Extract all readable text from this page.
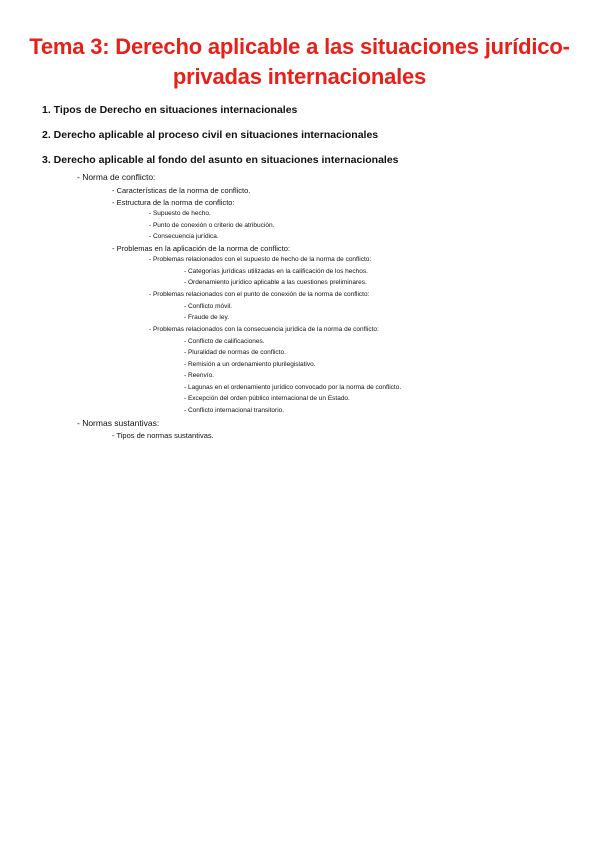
Tema 3: Derecho aplicable a las situaciones jurídico-privadas internacionales
1. Tipos de Derecho en situaciones internacionales
2. Derecho aplicable al proceso civil en situaciones internacionales
3. Derecho aplicable al fondo del asunto en situaciones internacionales
- Norma de conflicto:
- Características de la norma de conflicto.
- Estructura de la norma de conflicto:
- Supuesto de hecho.
- Punto de conexión o criterio de atribución.
- Consecuencia jurídica.
- Problemas en la aplicación de la norma de conflicto:
- Problemas relacionados con el supuesto de hecho de la norma de conflicto:
- Categorías jurídicas utilizadas en la calificación de los hechos.
- Ordenamiento jurídico aplicable a las cuestiones preliminares.
- Problemas relacionados con el punto de conexión de la norma de conflicto:
- Conflicto móvil.
- Fraude de ley.
- Problemas relacionados con la consecuencia jurídica de la norma de conflicto:
- Conflicto de calificaciones.
- Pluralidad de normas de conflicto.
- Remisión a un ordenamiento plurilegislativo.
- Reenvío.
- Lagunas en el ordenamiento jurídico convocado por la norma de conflicto.
- Excepción del orden público internacional de un Estado.
- Conflicto internacional transitorio.
- Normas sustantivas:
- Tipos de normas sustantivas.
